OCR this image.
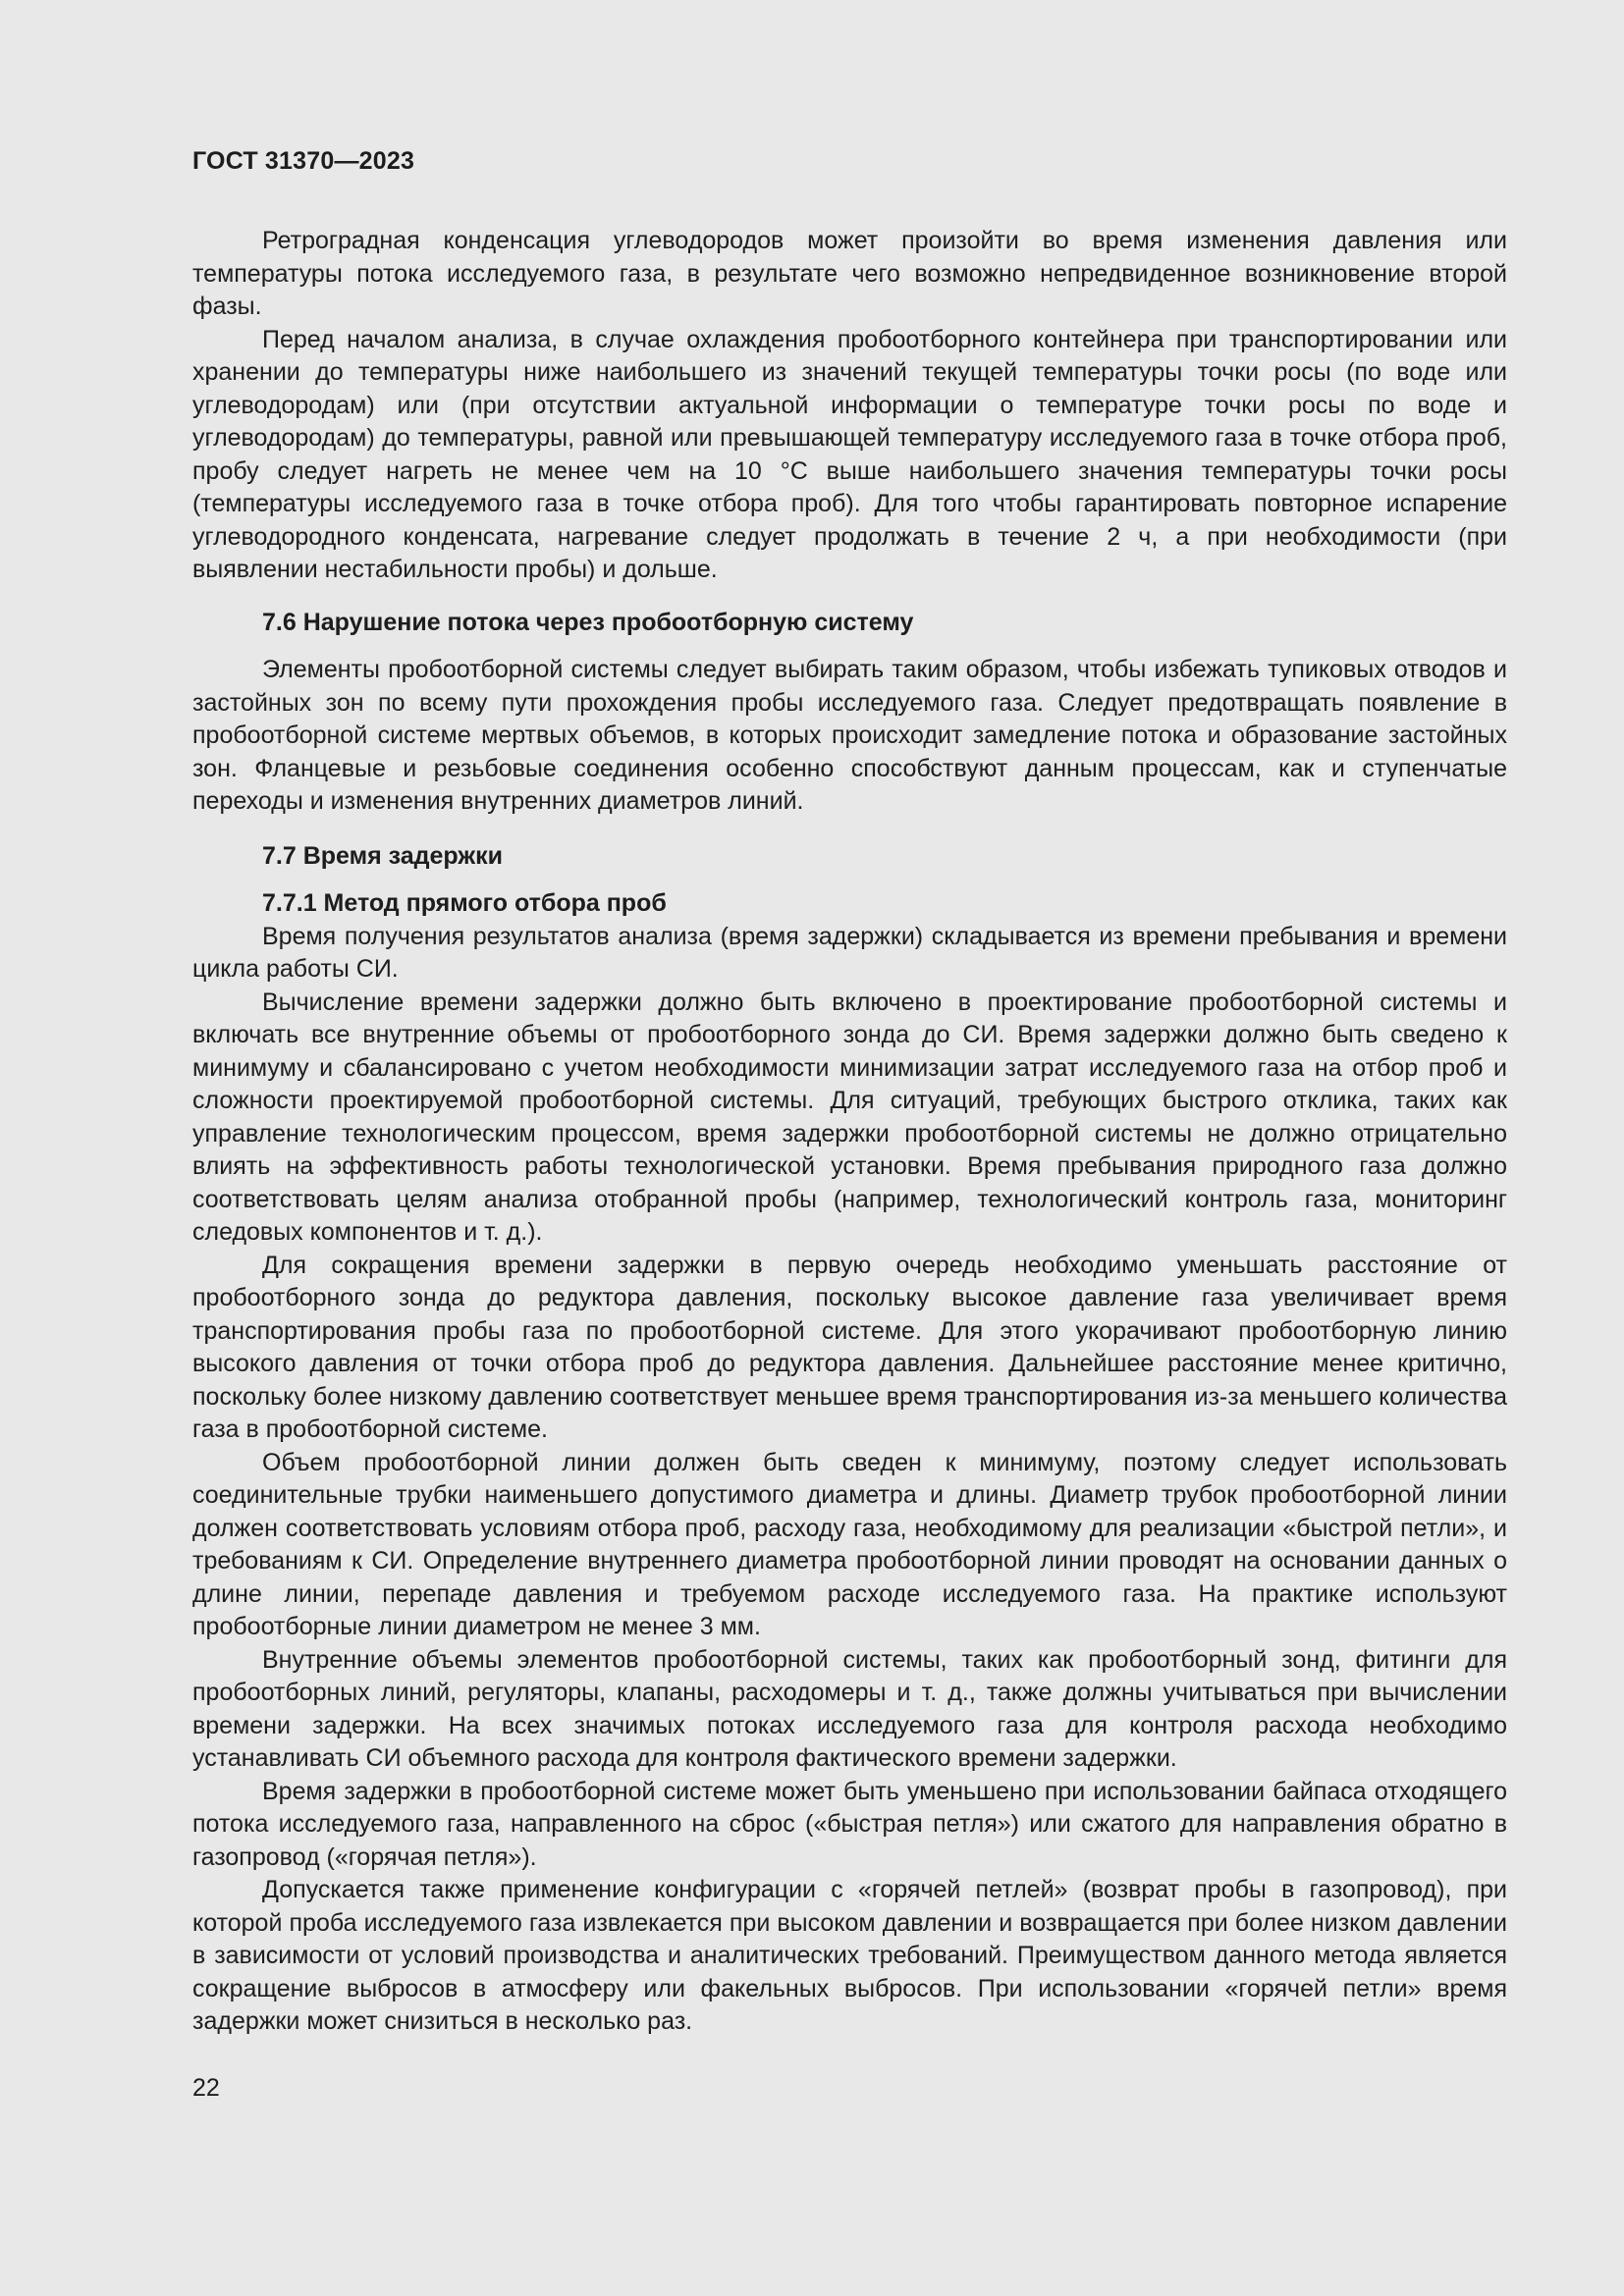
ГОСТ 31370—2023

Ретроградная конденсация углеводородов может произойти во время изменения давления или температуры потока исследуемого газа, в результате чего возможно непредвиденное возникновение второй фазы.

Перед началом анализа, в случае охлаждения пробоотборного контейнера при транспортировании или хранении до температуры ниже наибольшего из значений текущей температуры точки росы (по воде или углеводородам) или (при отсутствии актуальной информации о температуре точки росы по воде и углеводородам) до температуры, равной или превышающей температуру исследуемого газа в точке отбора проб, пробу следует нагреть не менее чем на 10 °С выше наибольшего значения температуры точки росы (температуры исследуемого газа в точке отбора проб). Для того чтобы гарантировать повторное испарение углеводородного конденсата, нагревание следует продолжать в течение 2 ч, а при необходимости (при выявлении нестабильности пробы) и дольше.

7.6 Нарушение потока через пробоотборную систему

Элементы пробоотборной системы следует выбирать таким образом, чтобы избежать тупиковых отводов и застойных зон по всему пути прохождения пробы исследуемого газа. Следует предотвращать появление в пробоотборной системе мертвых объемов, в которых происходит замедление потока и образование застойных зон. Фланцевые и резьбовые соединения особенно способствуют данным процессам, как и ступенчатые переходы и изменения внутренних диаметров линий.

7.7 Время задержки
7.7.1 Метод прямого отбора проб

Время получения результатов анализа (время задержки) складывается из времени пребывания и времени цикла работы СИ.

Вычисление времени задержки должно быть включено в проектирование пробоотборной системы и включать все внутренние объемы от пробоотборного зонда до СИ. Время задержки должно быть сведено к минимуму и сбалансировано с учетом необходимости минимизации затрат исследуемого газа на отбор проб и сложности проектируемой пробоотборной системы. Для ситуаций, требующих быстрого отклика, таких как управление технологическим процессом, время задержки пробоотборной системы не должно отрицательно влиять на эффективность работы технологической установки. Время пребывания природного газа должно соответствовать целям анализа отобранной пробы (например, технологический контроль газа, мониторинг следовых компонентов и т. д.).

Для сокращения времени задержки в первую очередь необходимо уменьшать расстояние от пробоотборного зонда до редуктора давления, поскольку высокое давление газа увеличивает время транспортирования пробы газа по пробоотборной системе. Для этого укорачивают пробоотборную линию высокого давления от точки отбора проб до редуктора давления. Дальнейшее расстояние менее критично, поскольку более низкому давлению соответствует меньшее время транспортирования из-за меньшего количества газа в пробоотборной системе.

Объем пробоотборной линии должен быть сведен к минимуму, поэтому следует использовать соединительные трубки наименьшего допустимого диаметра и длины. Диаметр трубок пробоотборной линии должен соответствовать условиям отбора проб, расходу газа, необходимому для реализации «быстрой петли», и требованиям к СИ. Определение внутреннего диаметра пробоотборной линии проводят на основании данных о длине линии, перепаде давления и требуемом расходе исследуемого газа. На практике используют пробоотборные линии диаметром не менее 3 мм.

Внутренние объемы элементов пробоотборной системы, таких как пробоотборный зонд, фитинги для пробоотборных линий, регуляторы, клапаны, расходомеры и т. д., также должны учитываться при вычислении времени задержки. На всех значимых потоках исследуемого газа для контроля расхода необходимо устанавливать СИ объемного расхода для контроля фактического времени задержки.

Время задержки в пробоотборной системе может быть уменьшено при использовании байпаса отходящего потока исследуемого газа, направленного на сброс («быстрая петля») или сжатого для направления обратно в газопровод («горячая петля»).

Допускается также применение конфигурации с «горячей петлей» (возврат пробы в газопровод), при которой проба исследуемого газа извлекается при высоком давлении и возвращается при более низком давлении в зависимости от условий производства и аналитических требований. Преимуществом данного метода является сокращение выбросов в атмосферу или факельных выбросов. При использовании «горячей петли» время задержки может снизиться в несколько раз.

22
